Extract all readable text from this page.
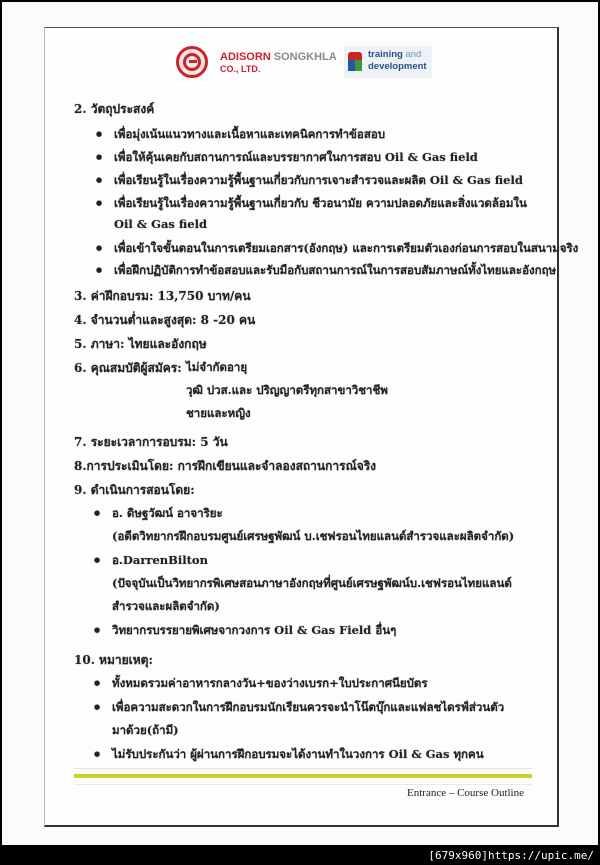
ADISORN SONGKHLA
CO., LTD.
training and
development
2. วัตถุประสงค์
● เพื่อมุ่งเน้นแนวทางและเนื้อหาและเทคนิคการทำข้อสอบ
● เพื่อให้คุ้นเคยกับสถานการณ์และบรรยากาศในการสอบ Oil & Gas field
● เพื่อเรียนรู้ในเรื่องความรู้พื้นฐานเกี่ยวกับการเจาะสำรวจและผลิต Oil & Gas field
● เพื่อเรียนรู้ในเรื่องความรู้พื้นฐานเกี่ยวกับ ชีวอนามัย ความปลอดภัยและสิ่งแวดล้อมใน
Oil & Gas field
● เพื่อเข้าใจขั้นตอนในการเตรียมเอกสาร(อังกฤษ) และการเตรียมตัวเองก่อนการสอบในสนามจริง
● เพื่อฝึกปฏิบัติการทำข้อสอบและรับมือกับสถานการณ์ในการสอบสัมภาษณ์ทั้งไทยและอังกฤษ
3. ค่าฝึกอบรม: 13,750 บาท/คน
4. จำนวนต่ำและสูงสุด: 8 -20 คน
5. ภาษา: ไทยและอังกฤษ
6. คุณสมบัติผู้สมัคร: ไม่จำกัดอายุ
วุฒิ ปวส.และ ปริญญาตรีทุกสาขาวิชาชีพ
ชายและหญิง
7. ระยะเวลาการอบรม: 5 วัน
8.การประเมินโดย: การฝึกเขียนและจำลองสถานการณ์จริง
9. ดำเนินการสอนโดย:
● อ. ดิษฐวัฒน์ อาจาริยะ
(อดีตวิทยากรฝึกอบรมศูนย์เศรษฐพัฒน์ บ.เชฟรอนไทยแลนด์สำรวจและผลิตจำกัด)
● อ.DarrenBilton
(ปัจจุบันเป็นวิทยากรพิเศษสอนภาษาอังกฤษที่ศูนย์เศรษฐพัฒน์บ.เชฟรอนไทยแลนด์
สำรวจและผลิตจำกัด)
● วิทยากรบรรยายพิเศษจากวงการ Oil & Gas Field อื่นๆ
10. หมายเหตุ:
● ทั้งหมดรวมค่าอาหารกลางวัน+ของว่างเบรก+ใบประกาศนียบัตร
● เพื่อความสะดวกในการฝึกอบรมนักเรียนควรจะนำโน๊ตบุ๊กและแฟลชไดรฟ์ส่วนตัว
มาด้วย(ถ้ามี)
● ไม่รับประกันว่า ผู้ผ่านการฝึกอบรมจะได้งานทำในวงการ Oil & Gas ทุกคน
Entrance – Course Outline
[679x960]https://upic.me/
